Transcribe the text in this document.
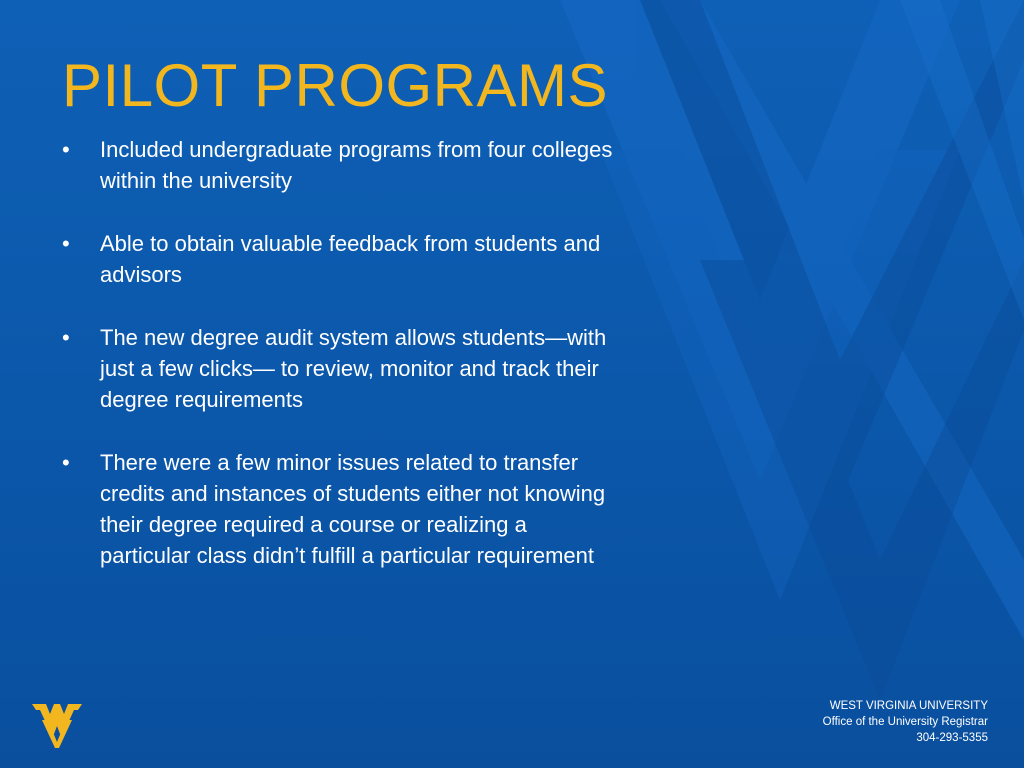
PILOT PROGRAMS
•	Included undergraduate programs from four colleges within the university
•	Able to obtain valuable feedback from students and advisors
•	The new degree audit system allows students—with just a few clicks— to review, monitor and track their degree requirements
•	There were a few minor issues related to transfer credits and instances of students either not knowing their degree required a course or realizing a particular class didn’t fulfill a particular requirement
WEST VIRGINIA UNIVERSITY
Office of the University Registrar
304-293-5355
